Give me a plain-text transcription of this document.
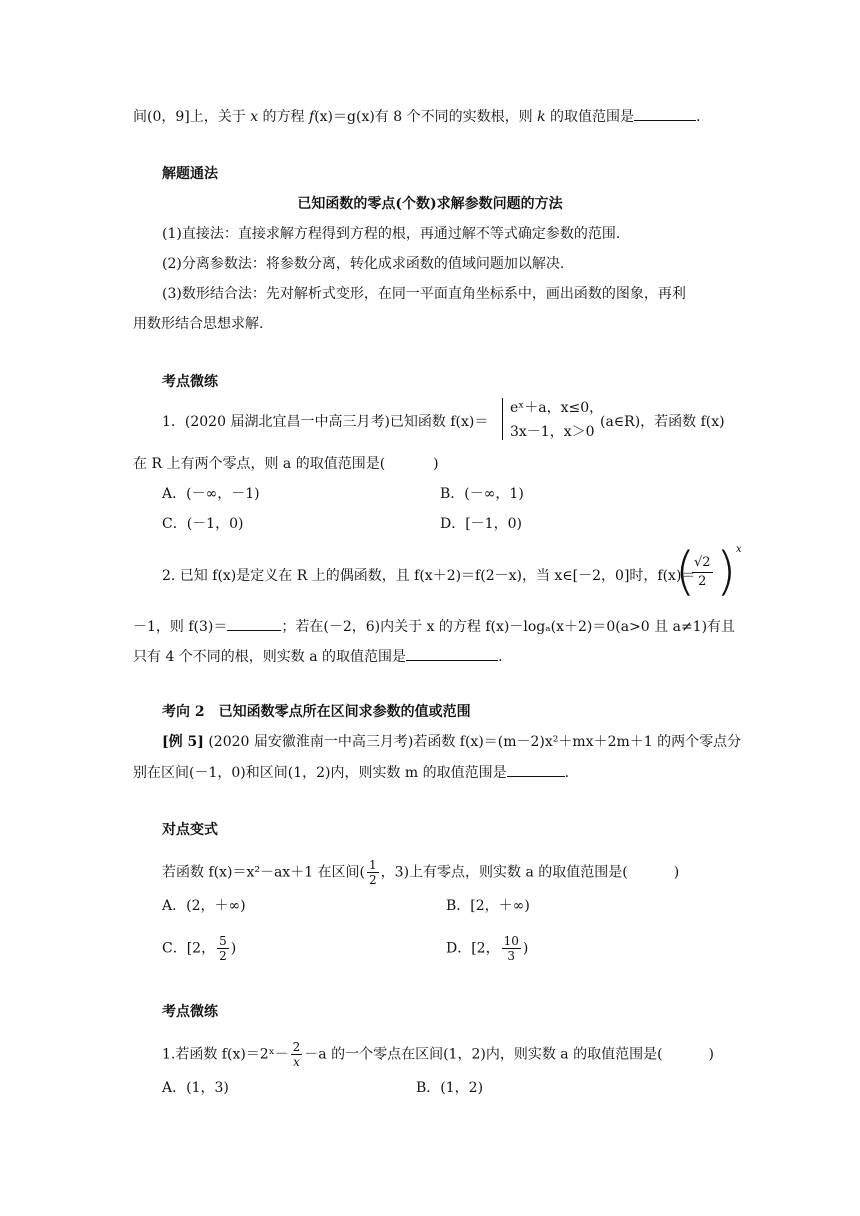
间(0，9]上，关于 x 的方程 f(x)＝g(x)有 8 个不同的实数根，则 k 的取值范围是	.
解题通法
已知函数的零点(个数)求解参数问题的方法
(1)直接法：直接求解方程得到方程的根，再通过解不等式确定参数的范围.
(2)分离参数法：将参数分离，转化成求函数的值域问题加以解决.
(3)数形结合法：先对解析式变形，在同一平面直角坐标系中，画出函数的图象，再利
用数形结合思想求解.
考点微练
1．(2020 届湖北宜昌一中高三月考)已知函数 f(x)＝
eˣ＋a，x≤0，
3x－1，x＞0
(a∈R)，若函数 f(x)
在 R 上有两个零点，则 a 的取值范围是(	)
A．(－∞，－1)	B．(－∞，1)
C．(－1，0)	D．[－1，0)
2. 已知 f(x)是定义在 R 上的偶函数，且 f(x＋2)＝f(2－x)，当 x∈[－2，0]时，f(x)＝
(
$\frac{√2}{2}$ ) x
－1，则 f(3)＝	；若在(－2，6)内关于 x 的方程 f(x)－logₐ(x＋2)＝0(a>0 且 a≠1)有且
只有 4 个不同的根，则实数 a 的取值范围是	.
考向 2　已知函数零点所在区间求参数的值或范围
[例 5] (2020 届安徽淮南一中高三月考)若函数 f(x)＝(m－2)x²＋mx＋2m＋1 的两个零点分
别在区间(－1，0)和区间(1，2)内，则实数 m 的取值范围是	.
对点变式
若函数 f(x)＝x²－ax＋1 在区间( $\frac{1}{2}$ ，3)上有零点，则实数 a 的取值范围是(	)
A．(2，＋∞)	B．[2，＋∞)
C．[2， $\frac{5}{2}$ )	D．[2， $\frac{10}{3}$ )
考点微练
1.若函数 f(x)＝2ˣ－ $\frac{2}{x} -a$ 的一个零点在区间(1，2)内，则实数 a 的取值范围是(	)
A．(1，3)	B．(1，2)
